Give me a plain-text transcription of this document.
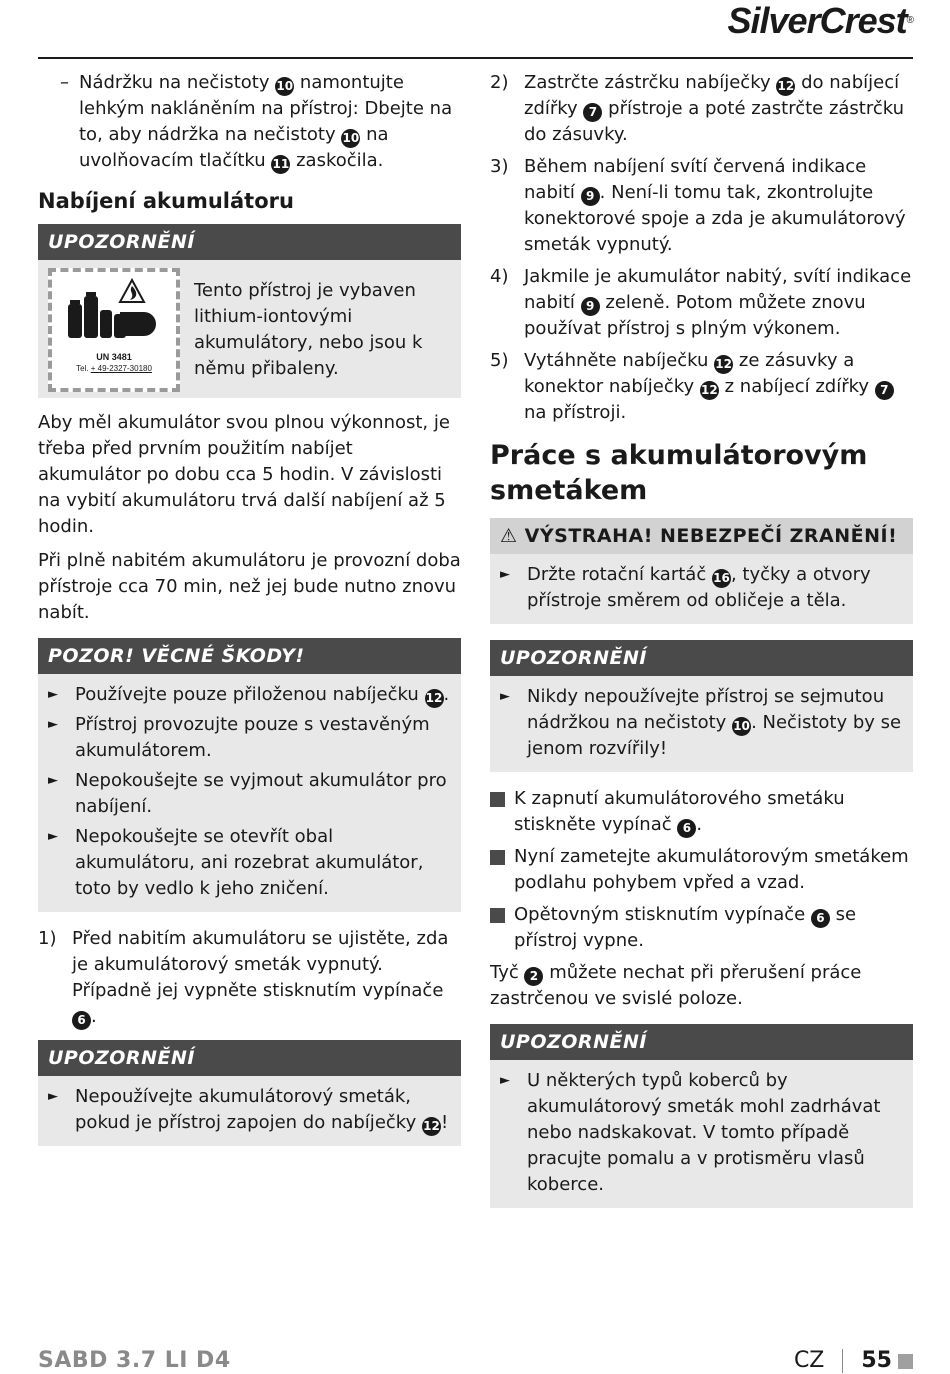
SilverCrest®
– Nádržku na nečistoty 10 namontujte lehkým nakláněním na přístroj: Dbejte na to, aby nádržka na nečistoty 10 na uvolňovacím tlačítku 11 zaskočila.
Nabíjení akumulátoru
UPOZORNĚNÍ
UN 3481
Tel. + 49-2327-30180
Tento přístroj je vybaven lithium-iontovými akumulátory, nebo jsou k němu přibaleny.

Aby měl akumulátor svou plnou výkonnost, je třeba před prvním použitím nabíjet akumulátor po dobu cca 5 hodin. V závislosti na vybití akumulátoru trvá další nabíjení až 5 hodin.

Při plně nabitém akumulátoru je provozní doba přístroje cca 70 min, než jej bude nutno znovu nabít.

POZOR! VĚCNÉ ŠKODY!
► Používejte pouze přiloženou nabíječku 12.
► Přístroj provozujte pouze s vestavěným akumulátorem.
► Nepokoušejte se vyjmout akumulátor pro nabíjení.
► Nepokoušejte se otevřít obal akumulátoru, ani rozebrat akumulátor, toto by vedlo k jeho zničení.
1) Před nabitím akumulátoru se ujistěte, zda je akumulátorový smeták vypnutý. Případně jej vypněte stisknutím vypínače 6 .
UPOZORNĚNÍ
► Nepoužívejte akumulátorový smeták, pokud je přístroj zapojen do nabíječky 12!
2) Zastrčte zástrčku nabíječky 12 do nabíjecí zdířky 7 přístroje a poté zastrčte zástrčku do zásuvky.
3) Během nabíjení svítí červená indikace nabití 9 . Není-li tomu tak, zkontrolujte konektorové spoje a zda je akumulátorový smeták vypnutý.
4) Jakmile je akumulátor nabitý, svítí indikace nabití 9 zeleně. Potom můžete znovu používat přístroj s plným výkonem.
5) Vytáhněte nabíječku 12 ze zásuvky a konektor nabíječky 12 z nabíjecí zdířky 7 na přístroji.
Práce s akumulátorovým smetákem
⚠ VÝSTRAHA! NEBEZPEČÍ ZRANĚNÍ!
► Držte rotační kartáč 16, tyčky a otvory přístroje směrem od obličeje a těla.
UPOZORNĚNÍ
► Nikdy nepoužívejte přístroj se sejmutou nádržkou na nečistoty 10. Nečistoty by se jenom rozvířily!
K zapnutí akumulátorového smetáku stiskněte vypínač 6 .
Nyní zametejte akumulátorovým smetákem podlahu pohybem vpřed a vzad.
Opětovným stisknutím vypínače 6 se přístroj vypne.

Tyč 2 můžete nechat při přerušení práce zastrčenou ve svislé poloze.

UPOZORNĚNÍ
► U některých typů koberců by akumulátorový smeták mohl zadrhávat nebo nadskakovat. V tomto případě pracujte pomalu a v protisměru vlasů koberce.
SABD 3.7 LI D4	CZ 55
